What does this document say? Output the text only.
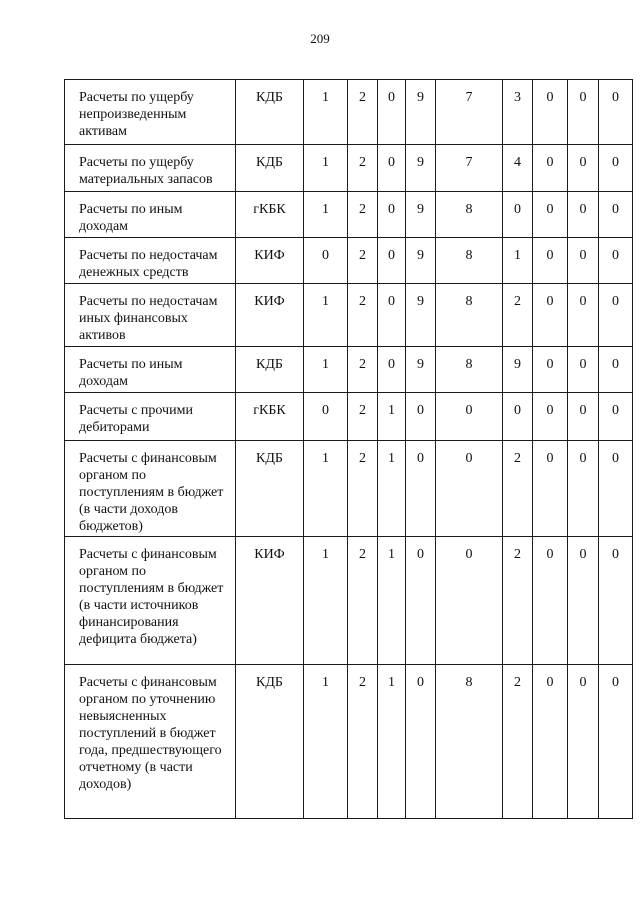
209
Расчеты по ущербу непроизведенным активам	КДБ	1	2	0	9	7	3	0	0	0
Расчеты по ущербу материальных запасов	КДБ	1	2	0	9	7	4	0	0	0
Расчеты по иным доходам	гКБК	1	2	0	9	8	0	0	0	0
Расчеты по недостачам денежных средств	КИФ	0	2	0	9	8	1	0	0	0
Расчеты по недостачам иных финансовых активов	КИФ	1	2	0	9	8	2	0	0	0
Расчеты по иным доходам	КДБ	1	2	0	9	8	9	0	0	0
Расчеты с прочими дебиторами	гКБК	0	2	1	0	0	0	0	0	0
Расчеты с финансовым органом по поступлениям в бюджет (в части доходов бюджетов)	КДБ	1	2	1	0	0	2	0	0	0
Расчеты с финансовым органом по поступлениям в бюджет (в части источников финансирования дефицита бюджета)	КИФ	1	2	1	0	0	2	0	0	0
Расчеты с финансовым органом по уточнению невыясненных поступлений в бюджет года, предшествующего отчетному (в части доходов)	КДБ	1	2	1	0	8	2	0	0	0
